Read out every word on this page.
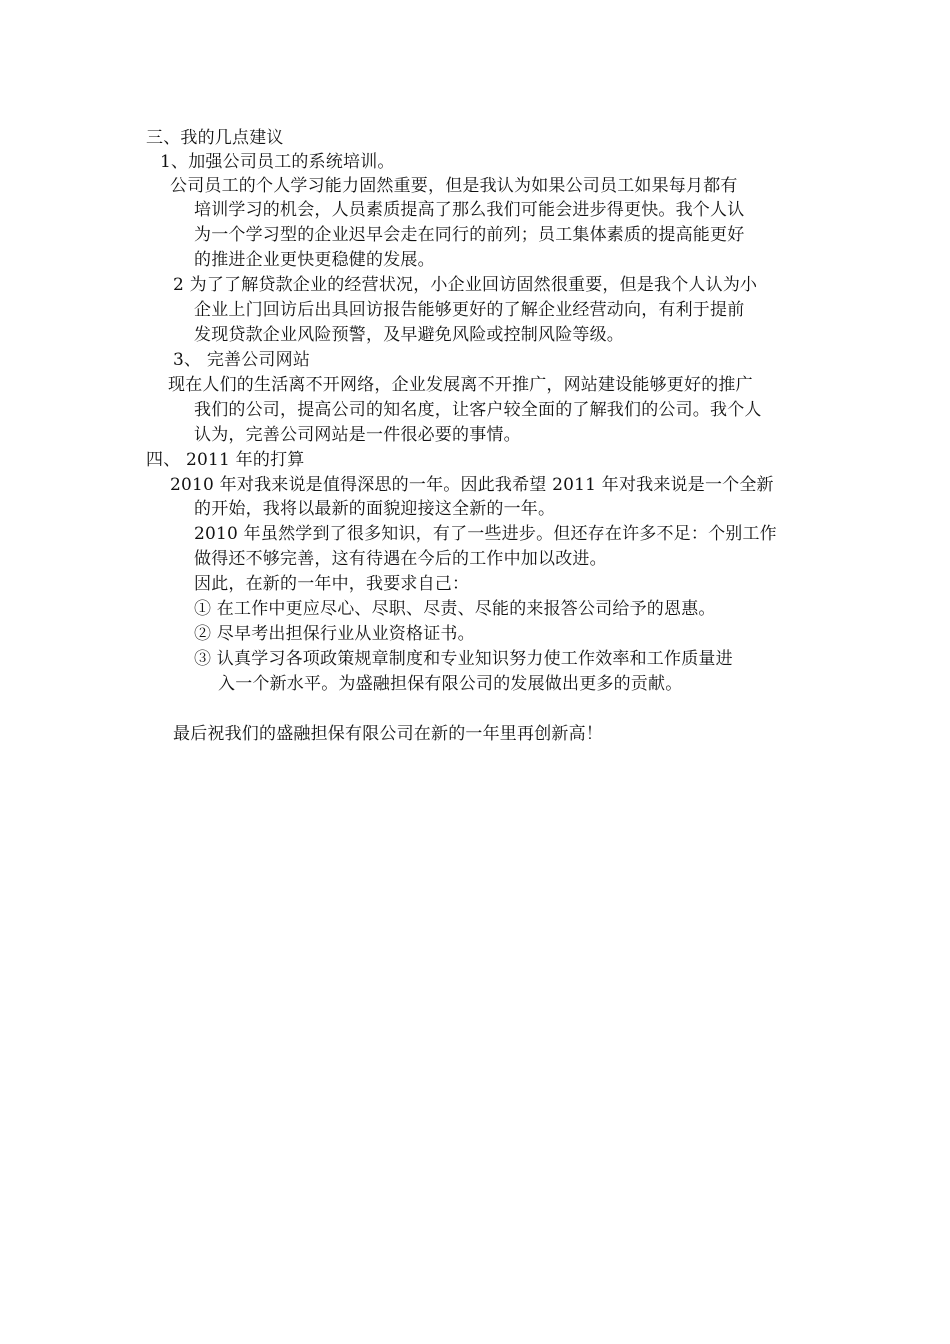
三、我的几点建议
1、加强公司员工的系统培训。
公司员工的个人学习能力固然重要，但是我认为如果公司员工如果每月都有
培训学习的机会，人员素质提高了那么我们可能会进步得更快。我个人认
为一个学习型的企业迟早会走在同行的前列；员工集体素质的提高能更好
的推进企业更快更稳健的发展。
2 为了了解贷款企业的经营状况，小企业回访固然很重要，但是我个人认为小
企业上门回访后出具回访报告能够更好的了解企业经营动向，有利于提前
发现贷款企业风险预警，及早避免风险或控制风险等级。
3、 完善公司网站
现在人们的生活离不开网络，企业发展离不开推广，网站建设能够更好的推广
我们的公司，提高公司的知名度，让客户较全面的了解我们的公司。我个人
认为，完善公司网站是一件很必要的事情。
四、 2011 年的打算
2010 年对我来说是值得深思的一年。因此我希望 2011 年对我来说是一个全新
的开始，我将以最新的面貌迎接这全新的一年。
2010 年虽然学到了很多知识，有了一些进步。但还存在许多不足：个别工作
做得还不够完善，这有待遇在今后的工作中加以改进。
因此，在新的一年中，我要求自己：
① 在工作中更应尽心、尽职、尽责、尽能的来报答公司给予的恩惠。
② 尽早考出担保行业从业资格证书。
③ 认真学习各项政策规章制度和专业知识努力使工作效率和工作质量进
入一个新水平。为盛融担保有限公司的发展做出更多的贡献。
最后祝我们的盛融担保有限公司在新的一年里再创新高！
